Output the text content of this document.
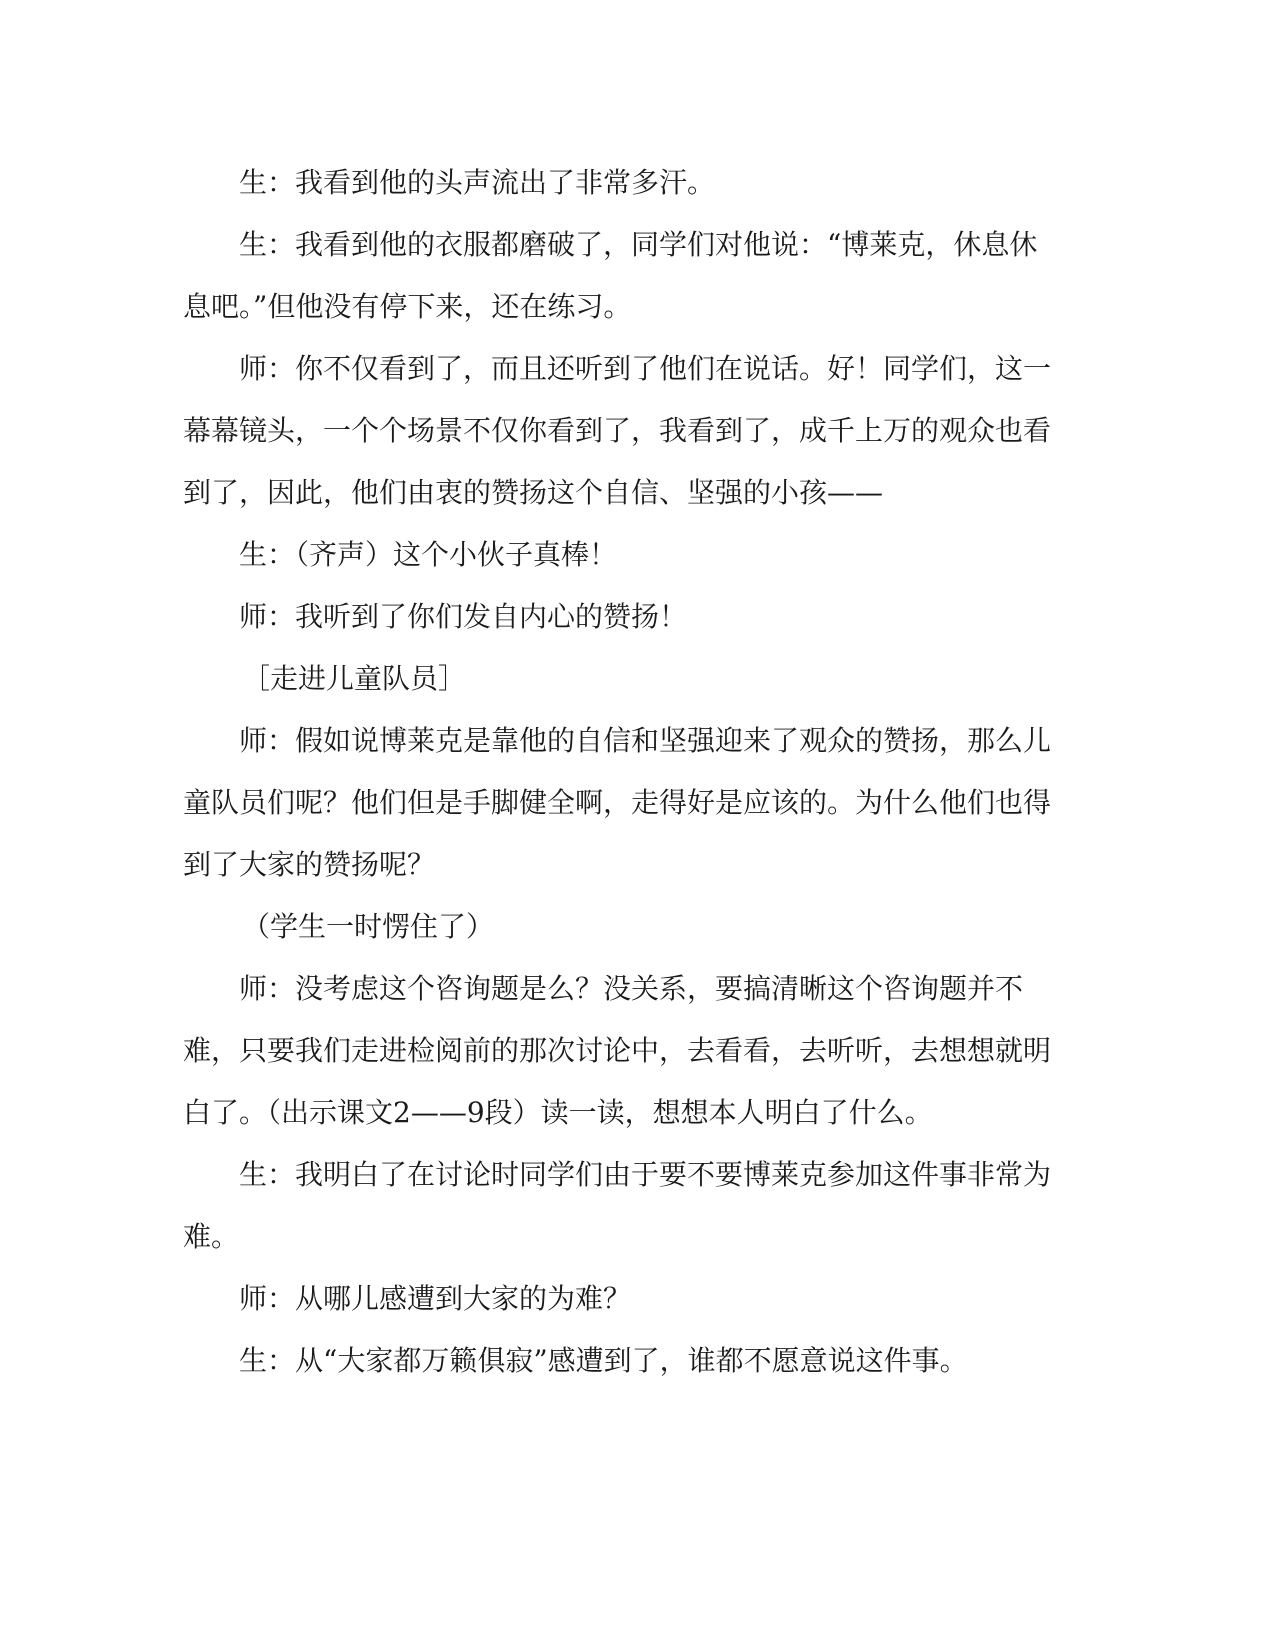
生：我看到他的头声流出了非常多汗。

生：我看到他的衣服都磨破了，同学们对他说：“博莱克，休息休息吧。”但他没有停下来，还在练习。

师：你不仅看到了，而且还听到了他们在说话。好！同学们，这一幕幕镜头，一个个场景不仅你看到了，我看到了，成千上万的观众也看到了，因此，他们由衷的赞扬这个自信、坚强的小孩——

生：（齐声）这个小伙子真棒！

师：我听到了你们发自内心的赞扬！

［走进儿童队员］

师：假如说博莱克是靠他的自信和坚强迎来了观众的赞扬，那么儿童队员们呢？他们但是手脚健全啊，走得好是应该的。为什么他们也得到了大家的赞扬呢？

（学生一时愣住了）

师：没考虑这个咨询题是么？没关系，要搞清晰这个咨询题并不难，只要我们走进检阅前的那次讨论中，去看看，去听听，去想想就明白了。（出示课文2——9段）读一读，想想本人明白了什么。

生：我明白了在讨论时同学们由于要不要博莱克参加这件事非常为难。

师：从哪儿感遭到大家的为难？

生：从“大家都万籁俱寂”感遭到了，谁都不愿意说这件事。
